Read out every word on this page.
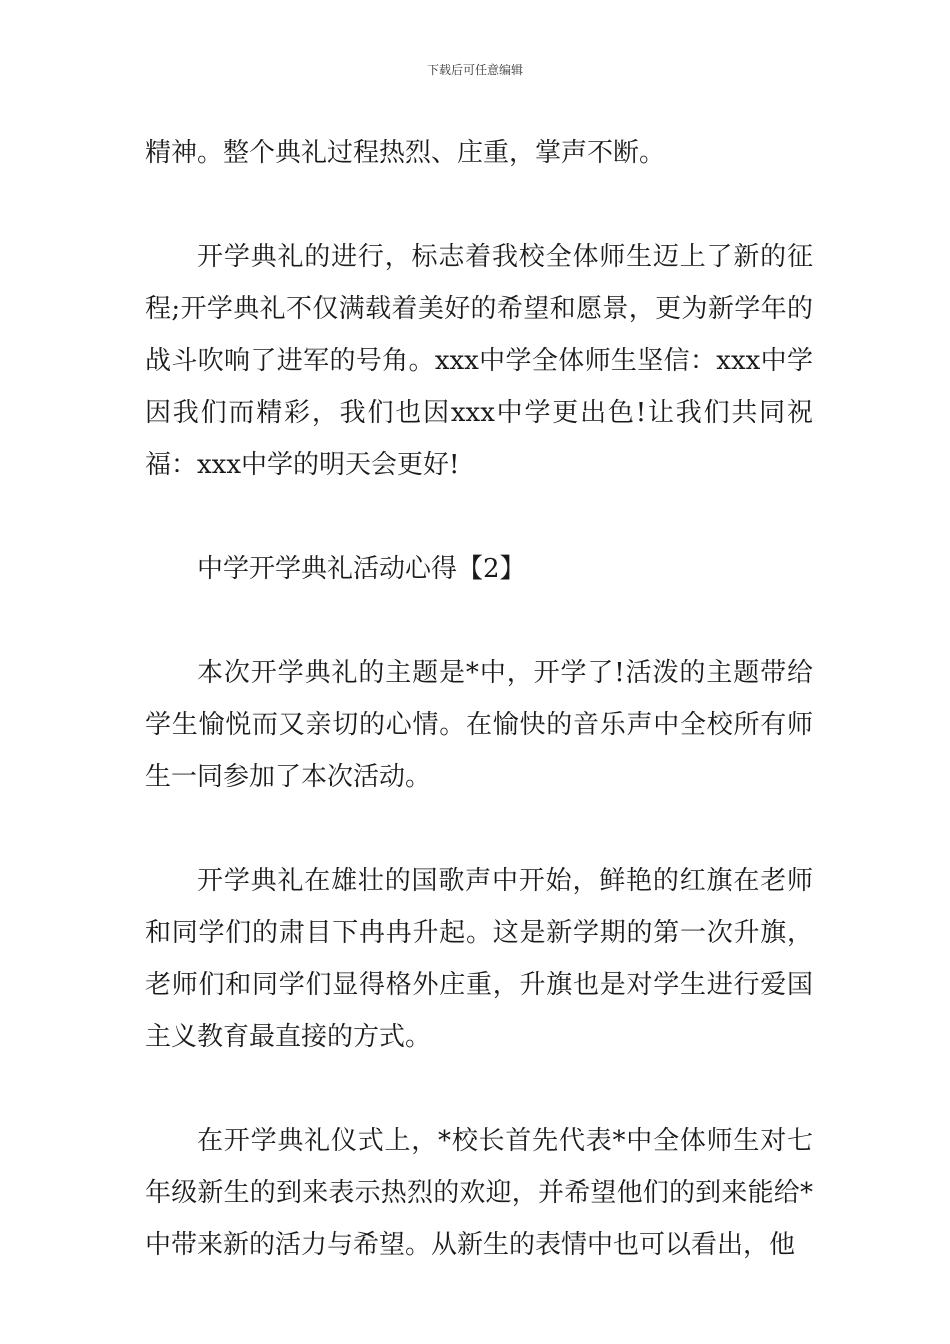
下载后可任意编辑

精神。整个典礼过程热烈、庄重，掌声不断。

开学典礼的进行，标志着我校全体师生迈上了新的征程;开学典礼不仅满载着美好的希望和愿景，更为新学年的战斗吹响了进军的号角。xxx中学全体师生坚信：xxx中学因我们而精彩，我们也因xxx中学更出色!让我们共同祝福：xxx中学的明天会更好!

中学开学典礼活动心得【2】

本次开学典礼的主题是*中，开学了!活泼的主题带给学生愉悦而又亲切的心情。在愉快的音乐声中全校所有师生一同参加了本次活动。

开学典礼在雄壮的国歌声中开始，鲜艳的红旗在老师和同学们的肃目下冉冉升起。这是新学期的第一次升旗，老师们和同学们显得格外庄重，升旗也是对学生进行爱国主义教育最直接的方式。

在开学典礼仪式上，*校长首先代表*中全体师生对七年级新生的到来表示热烈的欢迎，并希望他们的到来能给*中带来新的活力与希望。从新生的表情中也可以看出，他
